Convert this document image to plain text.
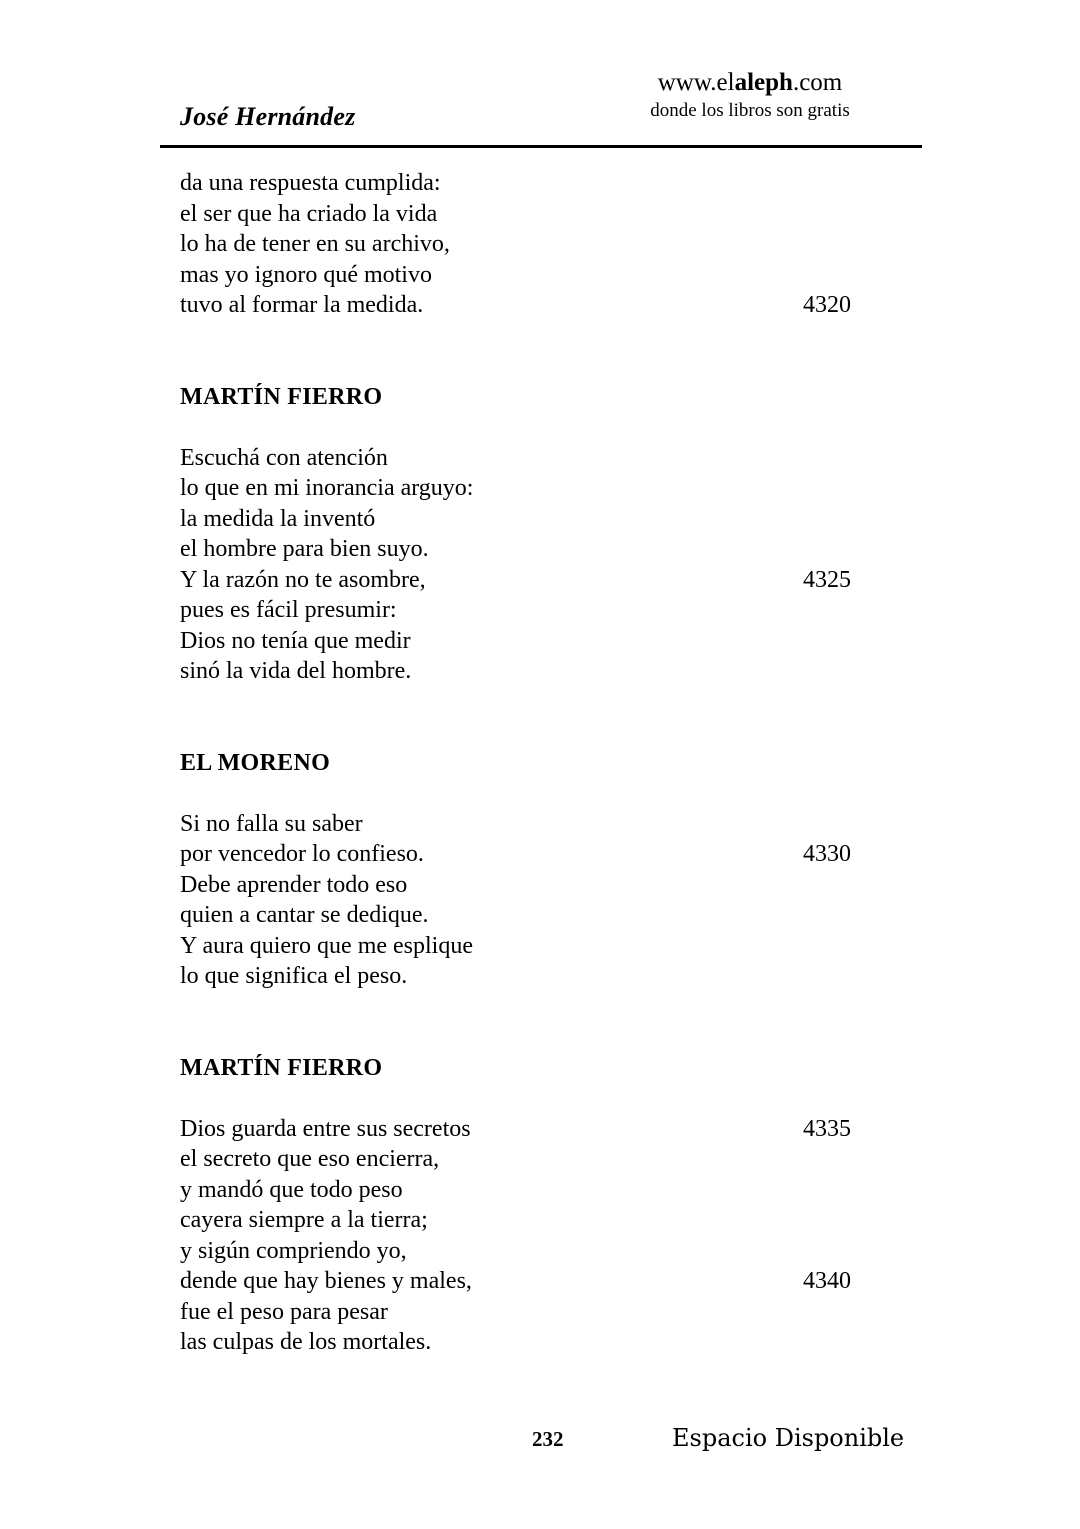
José Hernández
www.elaleph.com
donde los libros son gratis
da una respuesta cumplida:
el ser que ha criado la vida
lo ha de tener en su archivo,
mas yo ignoro qué motivo
tuvo al formar la medida.	4320
MARTÍN FIERRO
Escuchá con atención
lo que en mi inorancia arguyo:
la medida la inventó
el hombre para bien suyo.
Y la razón no te asombre,	4325
pues es fácil presumir:
Dios no tenía que medir
sinó la vida del hombre.
EL MORENO
Si no falla su saber
por vencedor lo confieso.	4330
Debe aprender todo eso
quien a cantar se dedique.
Y aura quiero que me esplique
lo que significa el peso.
MARTÍN FIERRO
Dios guarda entre sus secretos	4335
el secreto que eso encierra,
y mandó que todo peso
cayera siempre a la tierra;
y sigún compriendo yo,
dende que hay bienes y males,	4340
fue el peso para pesar
las culpas de los mortales.
232	Espacio Disponible
